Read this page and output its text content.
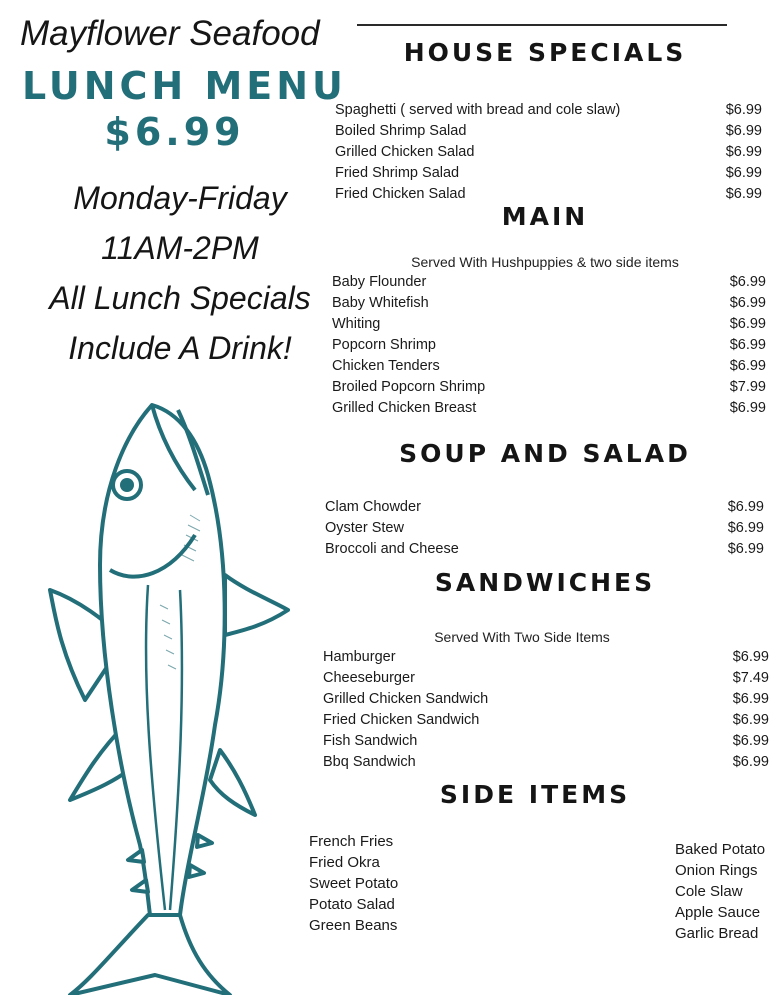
Mayflower Seafood
LUNCH MENU
$6.99
Monday-Friday
11AM-2PM
All Lunch Specials
Include A Drink!
HOUSE SPECIALS
Spaghetti ( served with bread and cole slaw)	$6.99
Boiled Shrimp Salad	$6.99
Grilled Chicken Salad	$6.99
Fried Shrimp Salad	$6.99
Fried Chicken Salad	$6.99
MAIN
Served With Hushpuppies & two side items
Baby Flounder	$6.99
Baby Whitefish	$6.99
Whiting	$6.99
Popcorn Shrimp	$6.99
Chicken Tenders	$6.99
Broiled Popcorn Shrimp	$7.99
Grilled Chicken Breast	$6.99
SOUP AND SALAD
Clam Chowder	$6.99
Oyster Stew	$6.99
Broccoli and Cheese	$6.99
SANDWICHES
Served With Two Side Items
Hamburger	$6.99
Cheeseburger	$7.49
Grilled Chicken Sandwich	$6.99
Fried Chicken Sandwich	$6.99
Fish Sandwich	$6.99
Bbq Sandwich	$6.99
SIDE ITEMS
French Fries
Fried Okra
Sweet Potato
Potato Salad
Green Beans
Baked Potato
Onion Rings
Cole Slaw
Apple Sauce
Garlic Bread
